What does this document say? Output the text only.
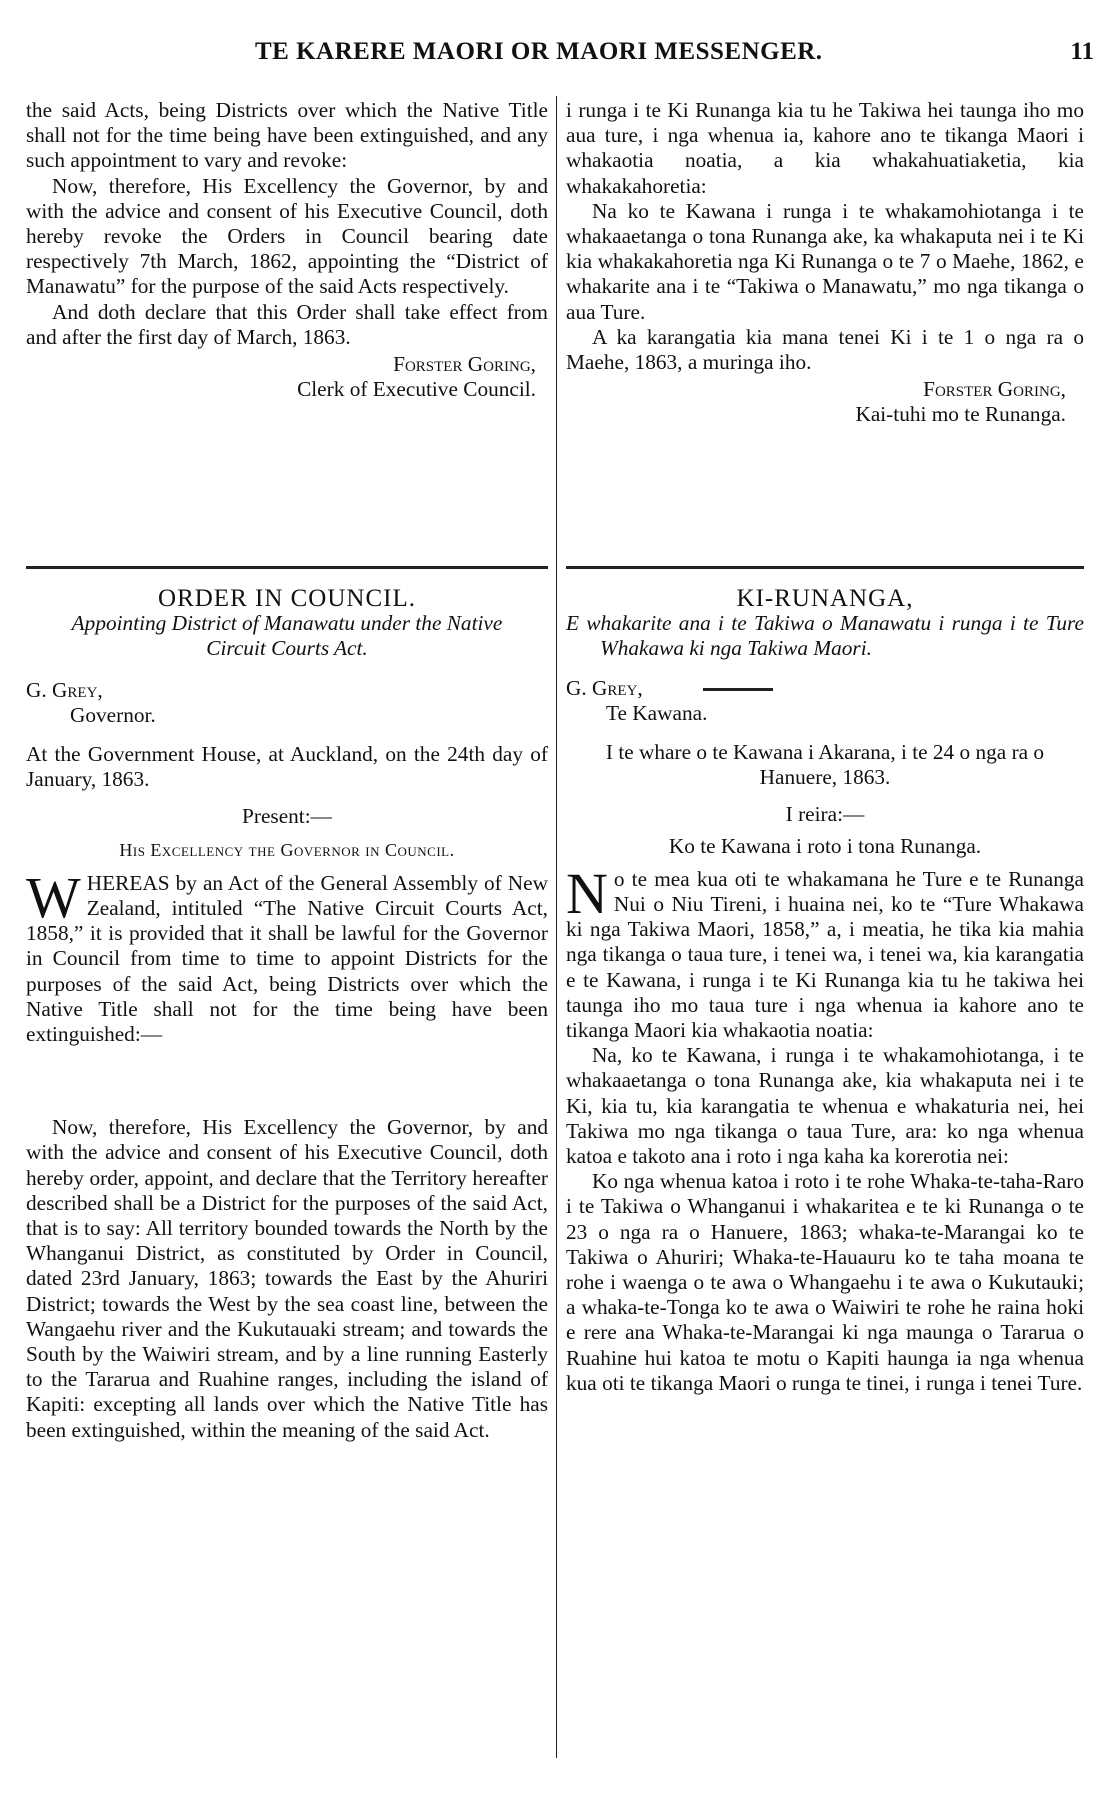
TE KARERE MAORI OR MAORI MESSENGER.	11

the said Acts, being Districts over which the Native Title shall not for the time being have been extinguished, and any such appointment to vary and revoke:

Now, therefore, His Excellency the Governor, by and with the advice and consent of his Executive Council, doth hereby revoke the Orders in Council bearing date respectively 7th March, 1862, appointing the “District of Manawatu” for the purpose of the said Acts respectively.

And doth declare that this Order shall take effect from and after the first day of March, 1863.

Forster Goring,

Clerk of Executive Council.

i runga i te Ki Runanga kia tu he Takiwa hei taunga iho mo aua ture, i nga whenua ia, kahore ano te tikanga Maori i whakaotia noatia, a kia whakahuatiaketia, kia whakakahoretia:

Na ko te Kawana i runga i te whakamohiotanga i te whakaaetanga o tona Runanga ake, ka whakaputa nei i te Ki kia whakakahoretia nga Ki Runanga o te 7 o Maehe, 1862, e whakarite ana i te “Takiwa o Manawatu,” mo nga tikanga o aua Ture.

A ka karangatia kia mana tenei Ki i te 1 o nga ra o Maehe, 1863, a muringa iho.

Forster Goring,

Kai-tuhi mo te Runanga.

ORDER IN COUNCIL.

Appointing District of Manawatu under the Native Circuit Courts Act.

G. Grey,

Governor.

At the Government House, at Auckland, on the 24th day of January, 1863.

Present:—

His Excellency the Governor in Council.

WHEREAS by an Act of the General Assembly of New Zealand, intituled “The Native Circuit Courts Act, 1858,” it is provided that it shall be lawful for the Governor in Council from time to time to appoint Districts for the purposes of the said Act, being Districts over which the Native Title shall not for the time being have been extinguished:—

Now, therefore, His Excellency the Governor, by and with the advice and consent of his Executive Council, doth hereby order, appoint, and declare that the Territory hereafter described shall be a District for the purposes of the said Act, that is to say: All territory bounded towards the North by the Whanganui District, as constituted by Order in Council, dated 23rd January, 1863; towards the East by the Ahuriri District; towards the West by the sea coast line, between the Wangaehu river and the Kukutauaki stream; and towards the South by the Waiwiri stream, and by a line running Easterly to the Tararua and Ruahine ranges, including the island of Kapiti: excepting all lands over which the Native Title has been extinguished, within the meaning of the said Act.

KI-RUNANGA,

E whakarite ana i te Takiwa o Manawatu i runga i te Ture Whakawa ki nga Takiwa Maori.

G. Grey,

Te Kawana.

I te whare o te Kawana i Akarana, i te 24 o nga ra o Hanuere, 1863.

I reira:—

Ko te Kawana i roto i tona Runanga.

No te mea kua oti te whakamana he Ture e te Runanga Nui o Niu Tireni, i huaina nei, ko te “Ture Whakawa ki nga Takiwa Maori, 1858,” a, i meatia, he tika kia mahia nga tikanga o taua ture, i tenei wa, i tenei wa, kia karangatia e te Kawana, i runga i te Ki Runanga kia tu he takiwa hei taunga iho mo taua ture i nga whenua ia kahore ano te tikanga Maori kia whakaotia noatia:

Na, ko te Kawana, i runga i te whakamohiotanga, i te whakaaetanga o tona Runanga ake, kia whakaputa nei i te Ki, kia tu, kia karangatia te whenua e whakaturia nei, hei Takiwa mo nga tikanga o taua Ture, ara: ko nga whenua katoa e takoto ana i roto i nga kaha ka korerotia nei:

Ko nga whenua katoa i roto i te rohe Whaka-te-taha-Raro i te Takiwa o Whanganui i whakaritea e te ki Runanga o te 23 o nga ra o Hanuere, 1863; whaka-te-Marangai ko te Takiwa o Ahuriri; Whaka-te-Hauauru ko te taha moana te rohe i waenga o te awa o Whangaehu i te awa o Kukutauki; a whaka-te-Tonga ko te awa o Waiwiri te rohe he raina hoki e rere ana Whaka-te-Marangai ki nga maunga o Tararua o Ruahine hui katoa te motu o Kapiti haunga ia nga whenua kua oti te tikanga Maori o runga te tinei, i runga i tenei Ture.
